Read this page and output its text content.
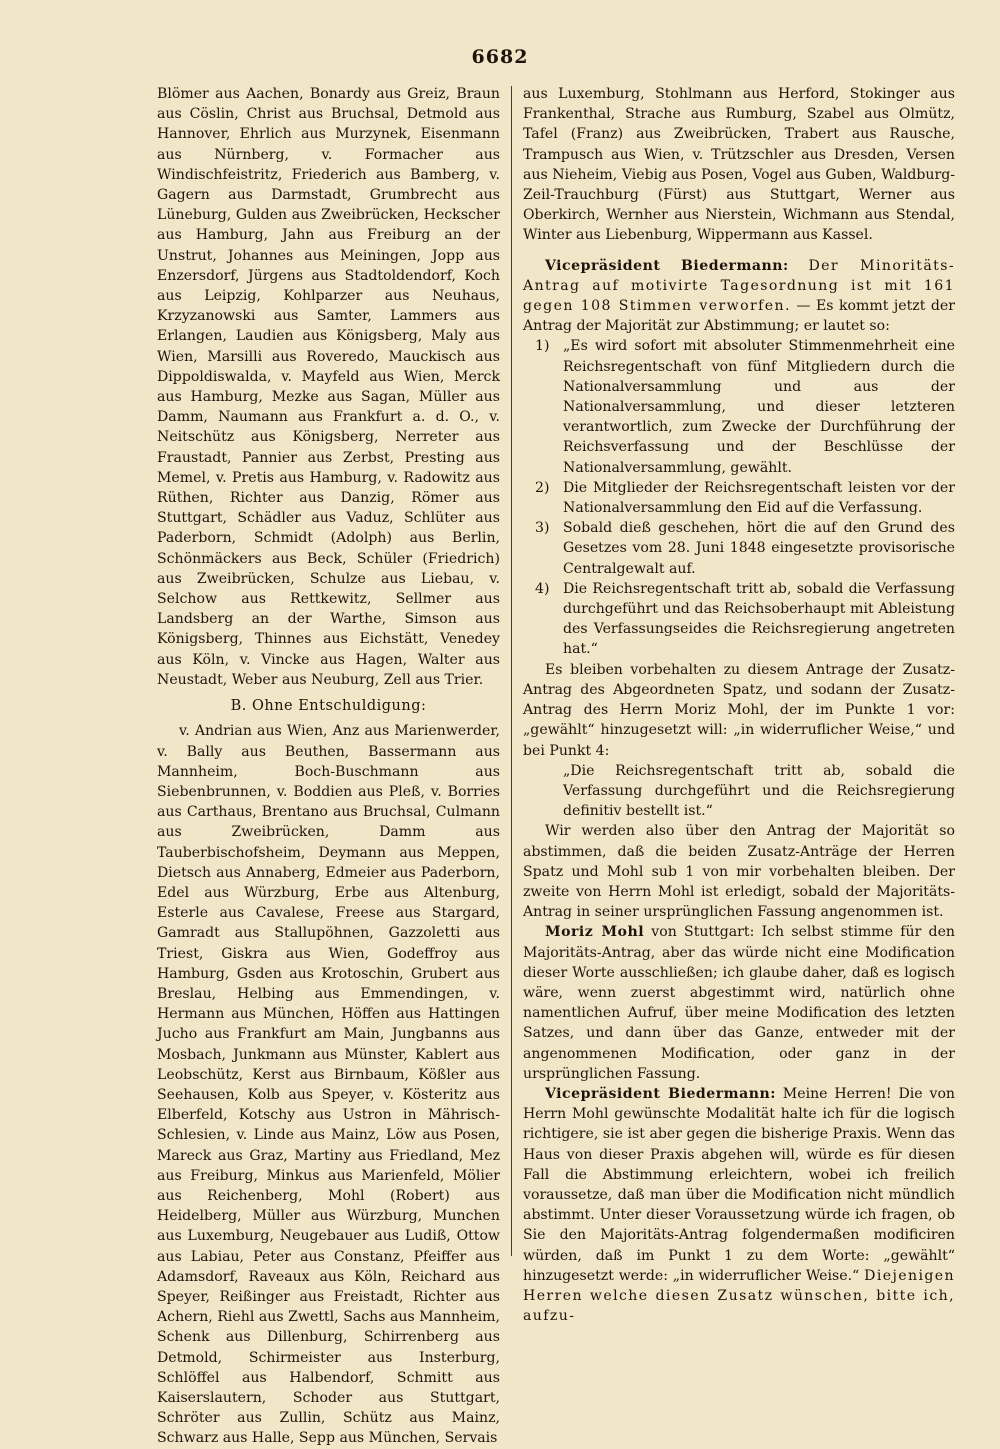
6682

Blömer aus Aachen, Bonardy aus Greiz, Braun aus Cöslin, Christ aus Bruchsal, Detmold aus Hannover, Ehrlich aus Murzynek, Eisenmann aus Nürnberg, v. Formacher aus Windischfeistritz, Friederich aus Bamberg, v. Gagern aus Darmstadt, Grumbrecht aus Lüneburg, Gulden aus Zweibrücken, Heckscher aus Hamburg, Jahn aus Freiburg an der Unstrut, Johannes aus Meiningen, Jopp aus Enzersdorf, Jürgens aus Stadtoldendorf, Koch aus Leipzig, Kohlparzer aus Neuhaus, Krzyzanowski aus Samter, Lammers aus Erlangen, Laudien aus Königsberg, Maly aus Wien, Marsilli aus Roveredo, Mauckisch aus Dippoldiswalda, v. Mayfeld aus Wien, Merck aus Hamburg, Mezke aus Sagan, Müller aus Damm, Naumann aus Frankfurt a. d. O., v. Neitschütz aus Königsberg, Nerreter aus Fraustadt, Pannier aus Zerbst, Presting aus Memel, v. Pretis aus Hamburg, v. Radowitz aus Rüthen, Richter aus Danzig, Römer aus Stuttgart, Schädler aus Vaduz, Schlüter aus Paderborn, Schmidt (Adolph) aus Berlin, Schönmäckers aus Beck, Schüler (Friedrich) aus Zweibrücken, Schulze aus Liebau, v. Selchow aus Rettkewitz, Sellmer aus Landsberg an der Warthe, Simson aus Königsberg, Thinnes aus Eichstätt, Venedey aus Köln, v. Vincke aus Hagen, Walter aus Neustadt, Weber aus Neuburg, Zell aus Trier.

B. Ohne Entschuldigung:

v. Andrian aus Wien, Anz aus Marienwerder, v. Bally aus Beuthen, Bassermann aus Mannheim, Boch-Buschmann aus Siebenbrunnen, v. Boddien aus Pleß, v. Borries aus Carthaus, Brentano aus Bruchsal, Culmann aus Zweibrücken, Damm aus Tauberbischofsheim, Deymann aus Meppen, Dietsch aus Annaberg, Edmeier aus Paderborn, Edel aus Würzburg, Erbe aus Altenburg, Esterle aus Cavalese, Freese aus Stargard, Gamradt aus Stallupöhnen, Gazzoletti aus Triest, Giskra aus Wien, Godeffroy aus Hamburg, Gsden aus Krotoschin, Grubert aus Breslau, Helbing aus Emmendingen, v. Hermann aus München, Höffen aus Hattingen Jucho aus Frankfurt am Main, Jungbanns aus Mosbach, Junkmann aus Münster, Kablert aus Leobschütz, Kerst aus Birnbaum, Kößler aus Seehausen, Kolb aus Speyer, v. Kösteritz aus Elberfeld, Kotschy aus Ustron in Mährisch-Schlesien, v. Linde aus Mainz, Löw aus Posen, Mareck aus Graz, Martiny aus Friedland, Mez aus Freiburg, Minkus aus Marienfeld, Mölier aus Reichenberg, Mohl (Robert) aus Heidelberg, Müller aus Würzburg, Munchen aus Luxemburg, Neugebauer aus Ludiß, Ottow aus Labiau, Peter aus Constanz, Pfeiffer aus Adamsdorf, Raveaux aus Köln, Reichard aus Speyer, Reißinger aus Freistadt, Richter aus Achern, Riehl aus Zwettl, Sachs aus Mannheim, Schenk aus Dillenburg, Schirrenberg aus Detmold, Schirmeister aus Insterburg, Schlöffel aus Halbendorf, Schmitt aus Kaiserslautern, Schoder aus Stuttgart, Schröter aus Zullin, Schütz aus Mainz, Schwarz aus Halle, Sepp aus München, Servais

aus Luxemburg, Stohlmann aus Herford, Stokinger aus Frankenthal, Strache aus Rumburg, Szabel aus Olmütz, Tafel (Franz) aus Zweibrücken, Trabert aus Rausche, Trampusch aus Wien, v. Trützschler aus Dresden, Versen aus Nieheim, Viebig aus Posen, Vogel aus Guben, Waldburg-Zeil-Trauchburg (Fürst) aus Stuttgart, Werner aus Oberkirch, Wernher aus Nierstein, Wichmann aus Stendal, Winter aus Liebenburg, Wippermann aus Kassel.

Vicepräsident Biedermann: Der Minoritäts-Antrag auf motivirte Tagesordnung ist mit 161 gegen 108 Stimmen verworfen. — Es kommt jetzt der Antrag der Majorität zur Abstimmung; er lautet so:

1) „Es wird sofort mit absoluter Stimmenmehrheit eine Reichsregentschaft von fünf Mitgliedern durch die Nationalversammlung und aus der Nationalversammlung, und dieser letzteren verantwortlich, zum Zwecke der Durchführung der Reichsverfassung und der Beschlüsse der Nationalversammlung, gewählt.
2) Die Mitglieder der Reichsregentschaft leisten vor der Nationalversammlung den Eid auf die Verfassung.
3) Sobald dieß geschehen, hört die auf den Grund des Gesetzes vom 28. Juni 1848 eingesetzte provisorische Centralgewalt auf.
4) Die Reichsregentschaft tritt ab, sobald die Verfassung durchgeführt und das Reichsoberhaupt mit Ableistung des Verfassungseides die Reichsregierung angetreten hat.“

Es bleiben vorbehalten zu diesem Antrage der Zusatz-Antrag des Abgeordneten Spatz, und sodann der Zusatz-Antrag des Herrn Moriz Mohl, der im Punkte 1 vor: „gewählt“ hinzugesetzt will: „in widerruflicher Weise,“ und bei Punkt 4:

„Die Reichsregentschaft tritt ab, sobald die Verfassung durchgeführt und die Reichsregierung definitiv bestellt ist.“

Wir werden also über den Antrag der Majorität so abstimmen, daß die beiden Zusatz-Anträge der Herren Spatz und Mohl sub 1 von mir vorbehalten bleiben. Der zweite von Herrn Mohl ist erledigt, sobald der Majoritäts-Antrag in seiner ursprünglichen Fassung angenommen ist.

Moriz Mohl von Stuttgart: Ich selbst stimme für den Majoritäts-Antrag, aber das würde nicht eine Modification dieser Worte ausschließen; ich glaube daher, daß es logisch wäre, wenn zuerst abgestimmt wird, natürlich ohne namentlichen Aufruf, über meine Modification des letzten Satzes, und dann über das Ganze, entweder mit der angenommenen Modification, oder ganz in der ursprünglichen Fassung.

Vicepräsident Biedermann: Meine Herren! Die von Herrn Mohl gewünschte Modalität halte ich für die logisch richtigere, sie ist aber gegen die bisherige Praxis. Wenn das Haus von dieser Praxis abgehen will, würde es für diesen Fall die Abstimmung erleichtern, wobei ich freilich voraussetze, daß man über die Modification nicht mündlich abstimmt. Unter dieser Voraussetzung würde ich fragen, ob Sie den Majoritäts-Antrag folgendermaßen modificiren würden, daß im Punkt 1 zu dem Worte: „gewählt“ hinzugesetzt werde: „in widerruflicher Weise.“ Diejenigen Herren welche diesen Zusatz wünschen, bitte ich, aufzu-
